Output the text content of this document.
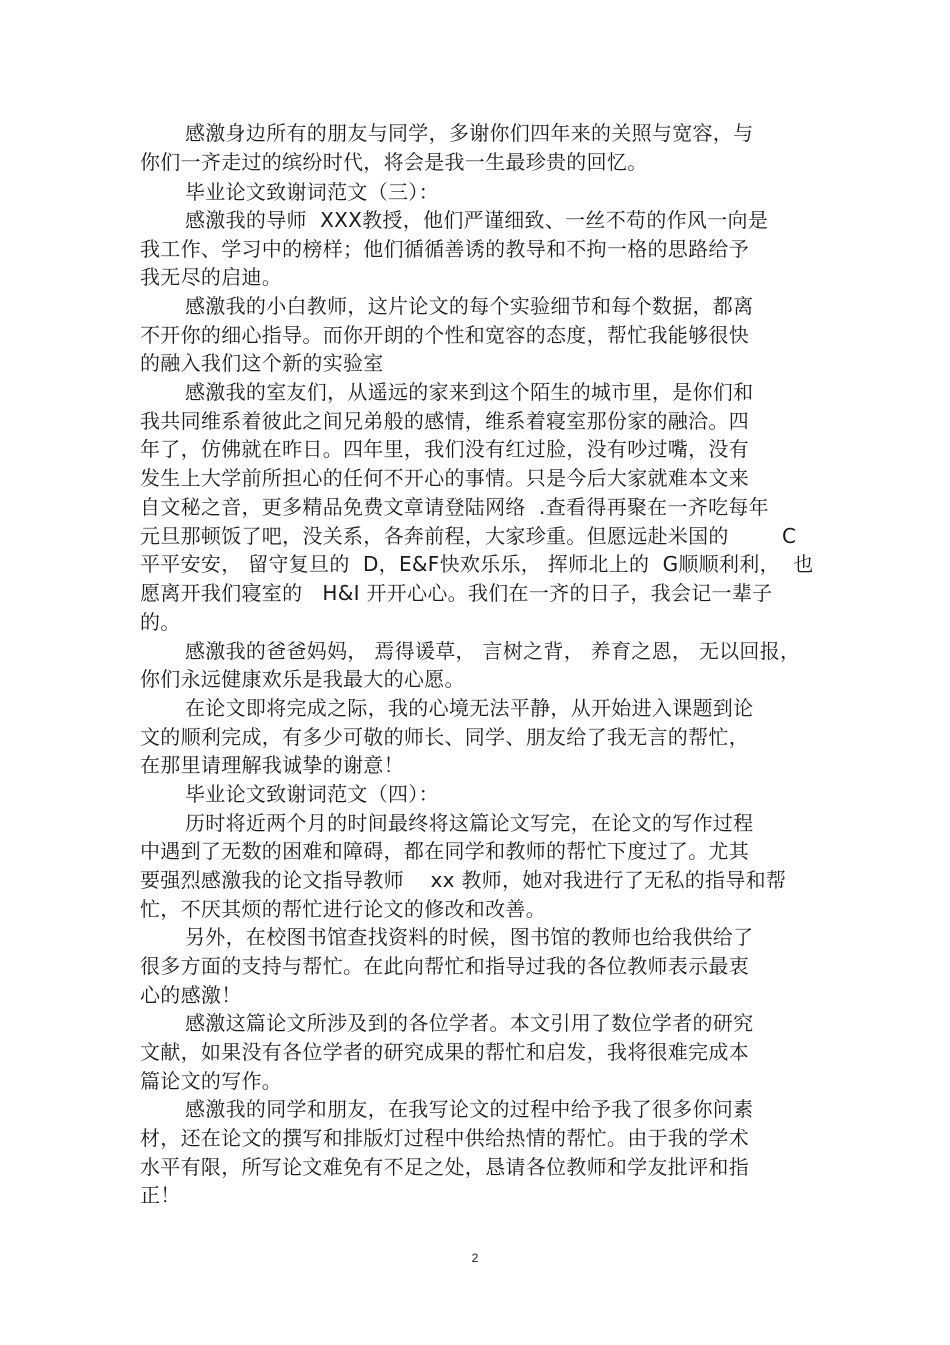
感激身边所有的朋友与同学，多谢你们四年来的关照与宽容，与
你们一齐走过的缤纷时代，将会是我一生最珍贵的回忆。
毕业论文致谢词范文（三）：
感激我的导师  XXX教授，他们严谨细致、一丝不苟的作风一向是
我工作、学习中的榜样；他们循循善诱的教导和不拘一格的思路给予
我无尽的启迪。
感激我的小白教师，这片论文的每个实验细节和每个数据，都离
不开你的细心指导。而你开朗的个性和宽容的态度，帮忙我能够很快
的融入我们这个新的实验室
感激我的室友们，从遥远的家来到这个陌生的城市里，是你们和
我共同维系着彼此之间兄弟般的感情，维系着寝室那份家的融洽。四
年了，仿佛就在昨日。四年里，我们没有红过脸，没有吵过嘴，没有
发生上大学前所担心的任何不开心的事情。只是今后大家就难本文来
自文秘之音，更多精品免费文章请登陆网络  .查看得再聚在一齐吃每年
元旦那顿饭了吧，没关系，各奔前程，大家珍重。但愿远赴米国的        C
平平安安， 留守复旦的  D，E&F快欢乐乐， 挥师北上的  G顺顺利利，  也
愿离开我们寝室的   H&I 开开心心。我们在一齐的日子，我会记一辈子
的。
感激我的爸爸妈妈， 焉得谖草， 言树之背， 养育之恩， 无以回报，
你们永远健康欢乐是我最大的心愿。
在论文即将完成之际，我的心境无法平静，从开始进入课题到论
文的顺利完成，有多少可敬的师长、同学、朋友给了我无言的帮忙，
在那里请理解我诚挚的谢意！
毕业论文致谢词范文（四）：
历时将近两个月的时间最终将这篇论文写完，在论文的写作过程
中遇到了无数的困难和障碍，都在同学和教师的帮忙下度过了。尤其
要强烈感激我的论文指导教师    xx 教师，她对我进行了无私的指导和帮
忙，不厌其烦的帮忙进行论文的修改和改善。
另外，在校图书馆查找资料的时候，图书馆的教师也给我供给了
很多方面的支持与帮忙。在此向帮忙和指导过我的各位教师表示最衷
心的感激！
感激这篇论文所涉及到的各位学者。本文引用了数位学者的研究
文献，如果没有各位学者的研究成果的帮忙和启发，我将很难完成本
篇论文的写作。
感激我的同学和朋友，在我写论文的过程中给予我了很多你问素
材，还在论文的撰写和排版灯过程中供给热情的帮忙。由于我的学术
水平有限，所写论文难免有不足之处，恳请各位教师和学友批评和指
正！
2
